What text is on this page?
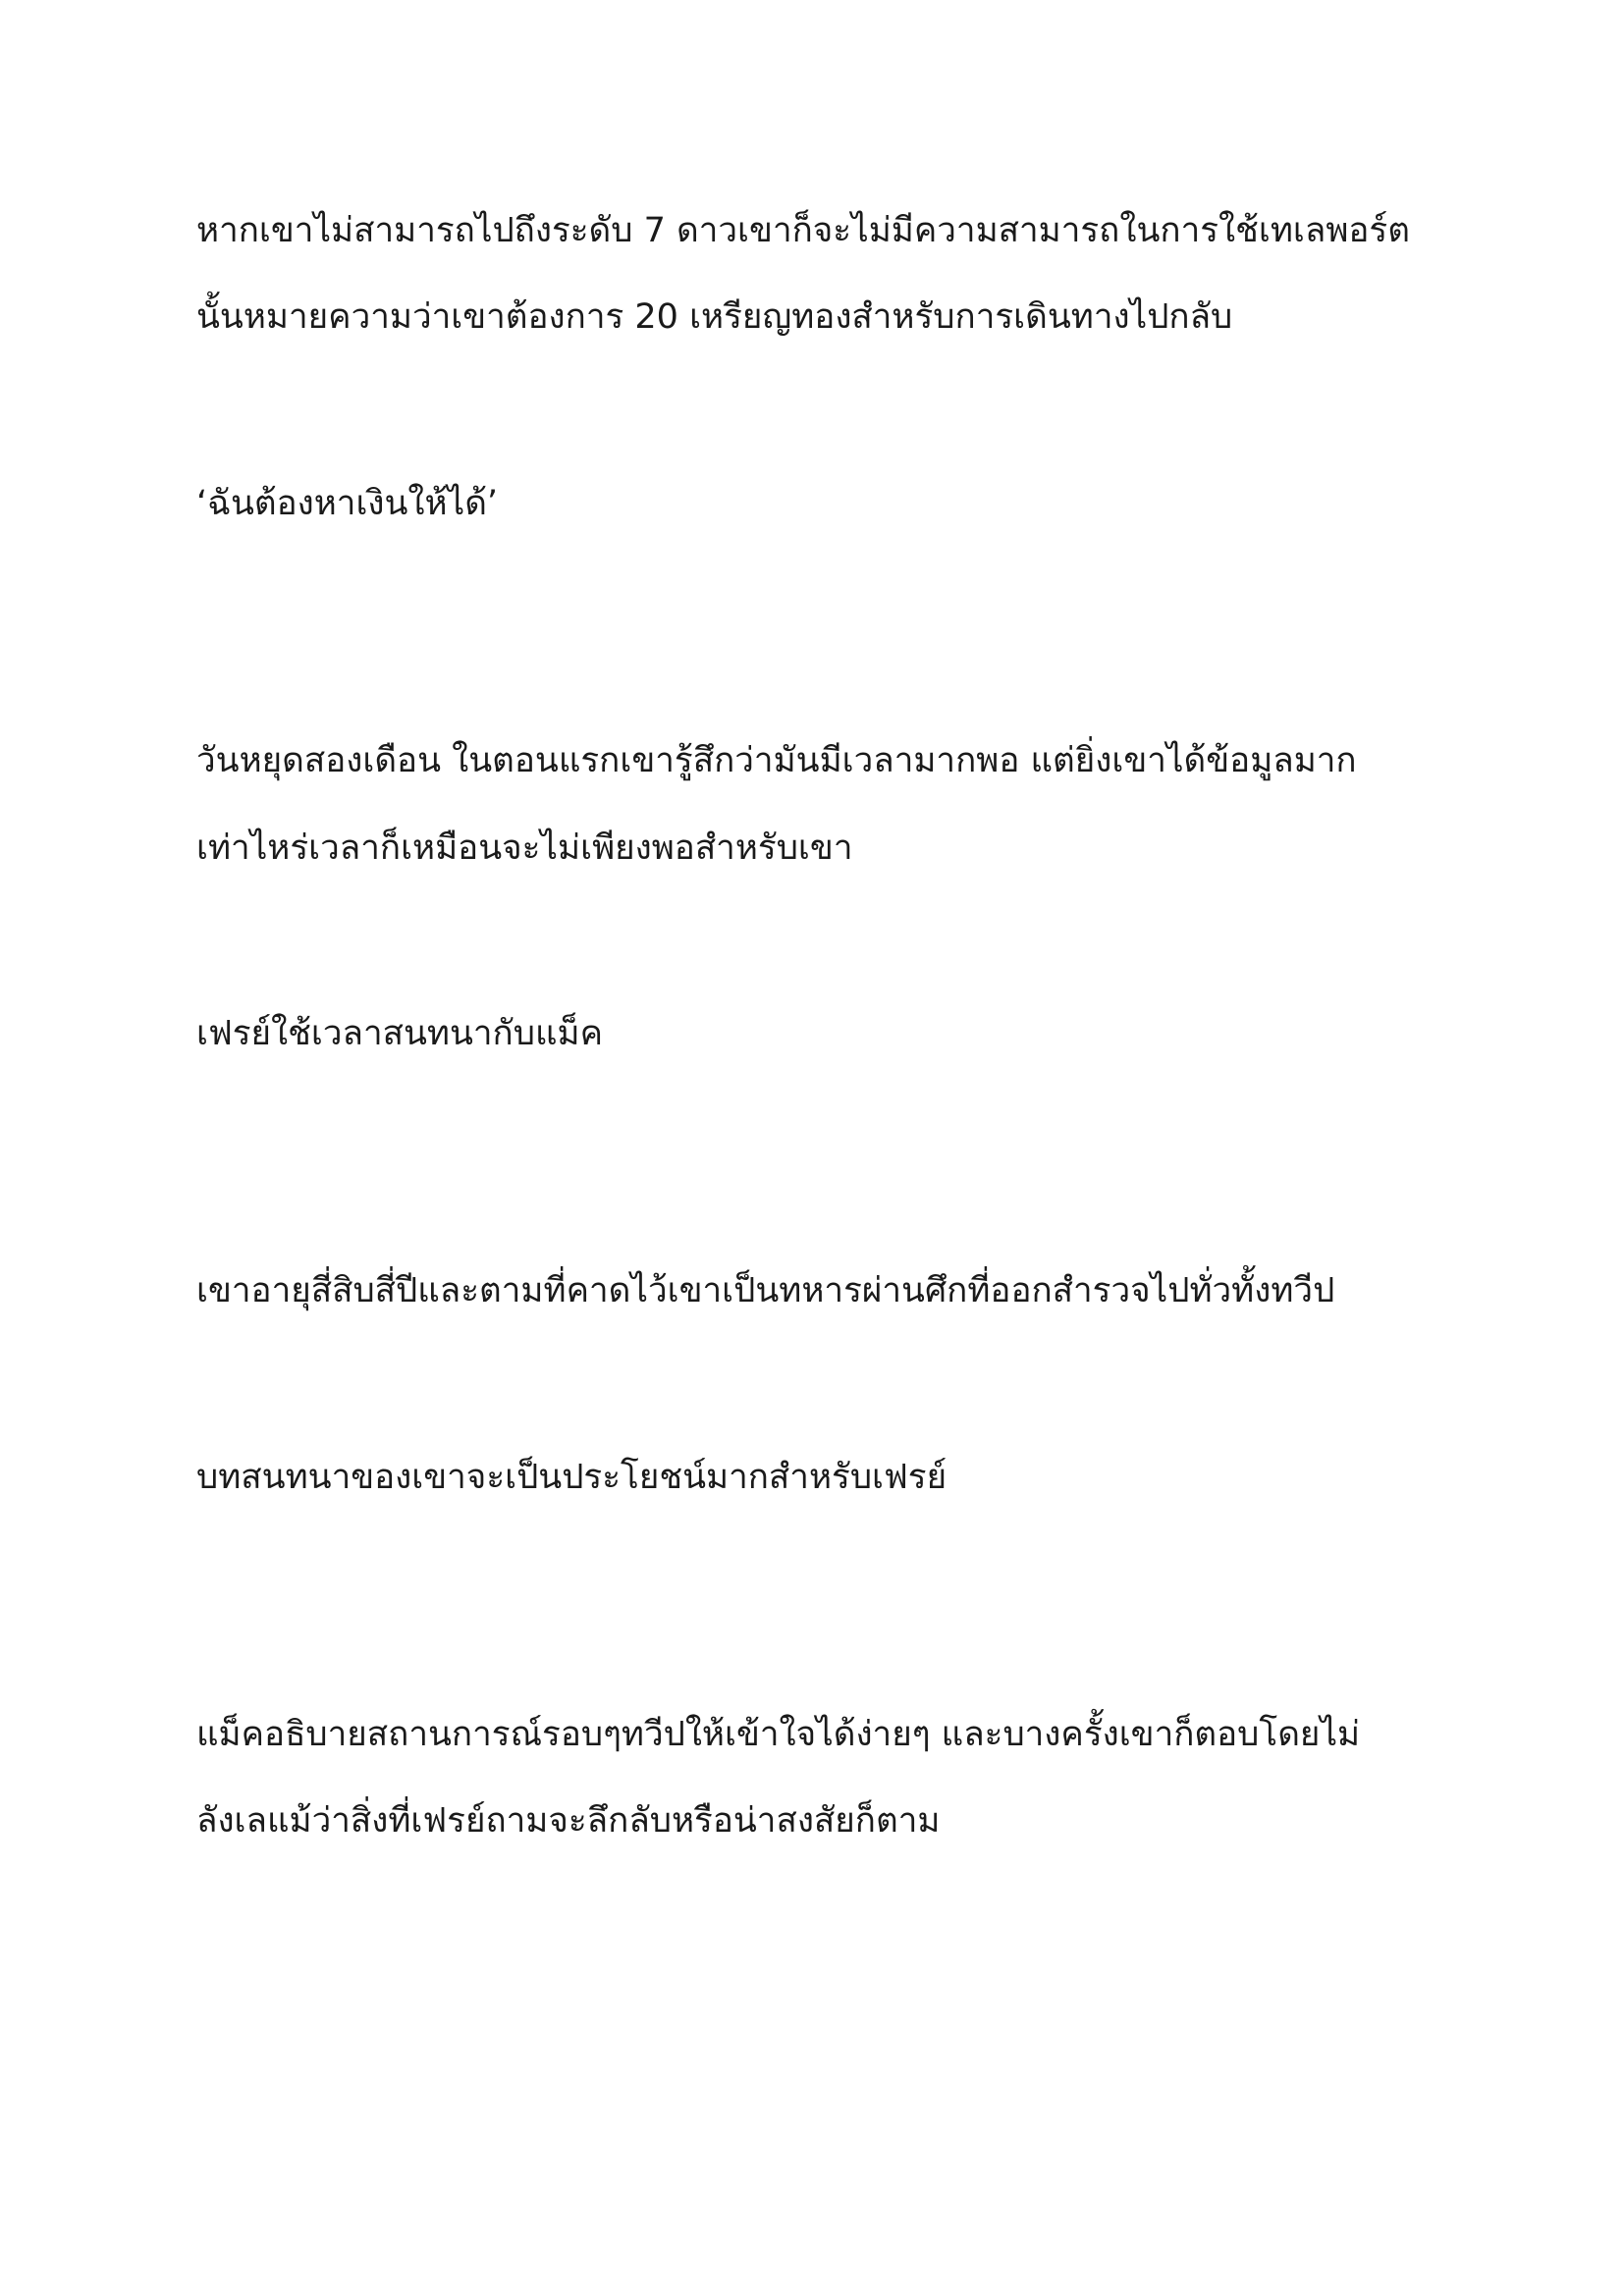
หากเขาไม่สามารถไปถึงระดับ 7 ดาวเขาก็จะไม่มีความสามารถในการใช้เทเลพอร์ต

นั้นหมายความว่าเขาต้องการ 20 เหรียญทองสำหรับการเดินทางไปกลับ

‘ฉันต้องหาเงินให้ได้’

วันหยุดสองเดือน ในตอนแรกเขารู้สึกว่ามันมีเวลามากพอ แต่ยิ่งเขาได้ข้อมูลมาก

เท่าไหร่เวลาก็เหมือนจะไม่เพียงพอสำหรับเขา

เฟรย์ใช้เวลาสนทนากับแม็ค

เขาอายุสี่สิบสี่ปีและตามที่คาดไว้เขาเป็นทหารผ่านศึกที่ออกสำรวจไปทั่วทั้งทวีป

บทสนทนาของเขาจะเป็นประโยชน์มากสำหรับเฟรย์

แม็คอธิบายสถานการณ์รอบๆทวีปให้เข้าใจได้ง่ายๆ และบางครั้งเขาก็ตอบโดยไม่

ลังเลแม้ว่าสิ่งที่เฟรย์ถามจะลึกลับหรือน่าสงสัยก็ตาม
